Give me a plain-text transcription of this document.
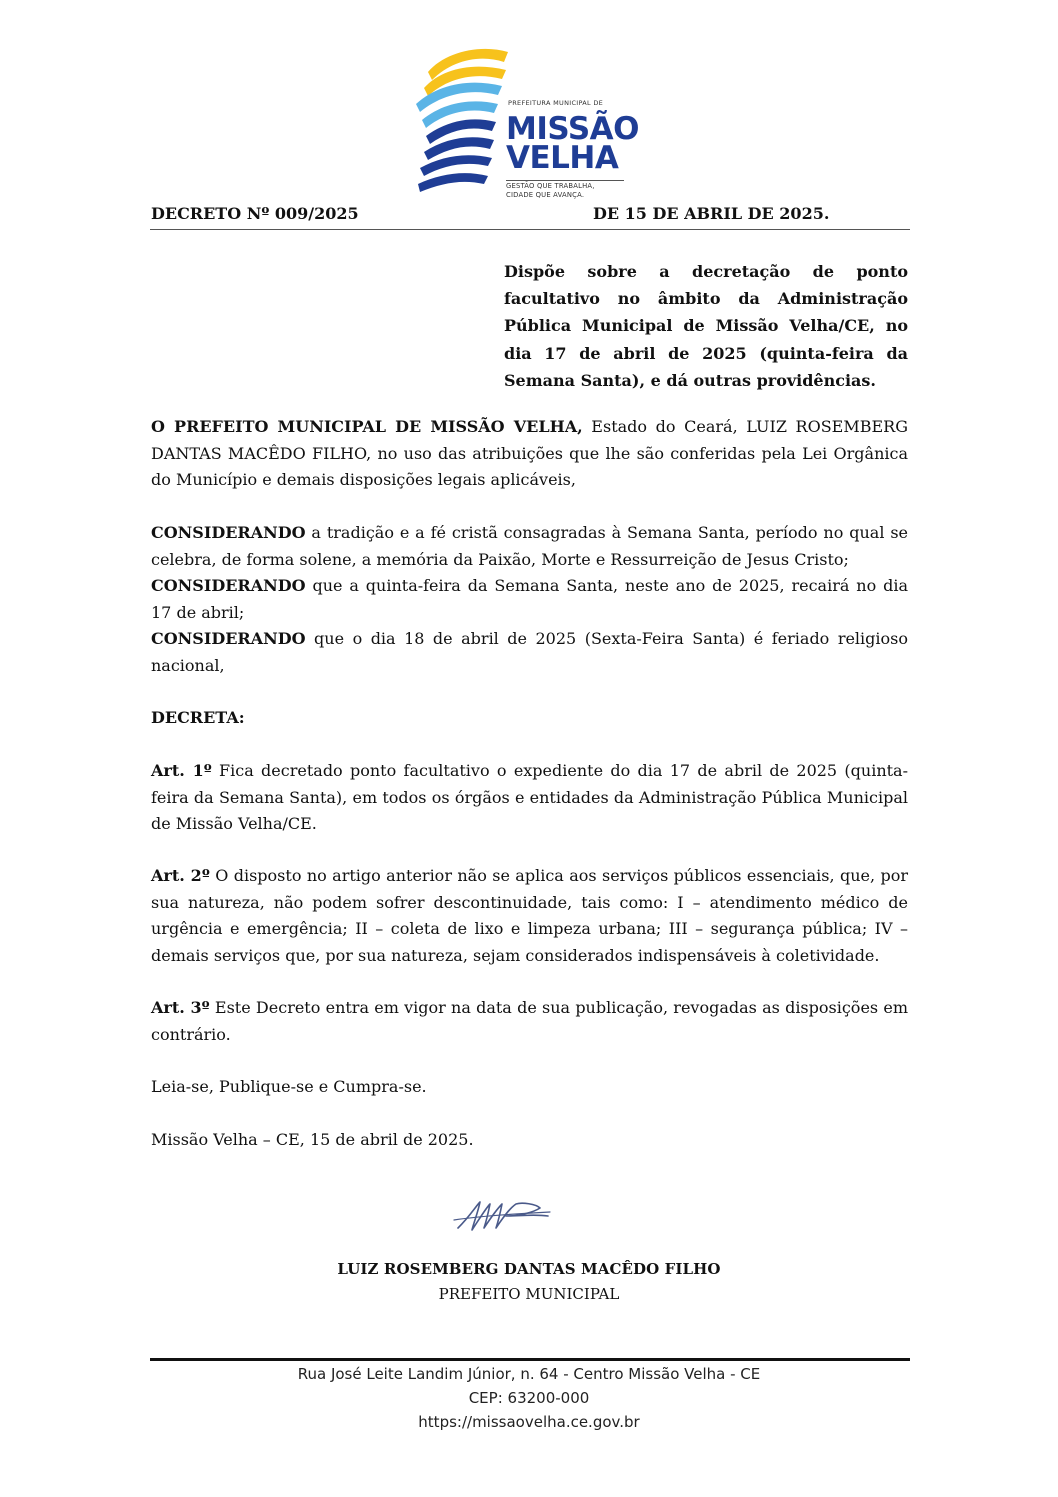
PREFEITURA MUNICIPAL DE
MISSÃO
VELHA
GESTÃO QUE TRABALHA,
CIDADE QUE AVANÇA.
DECRETO Nº 009/2025	DE 15 DE ABRIL DE 2025.

Dispõe sobre a decretação de ponto facultativo no âmbito da Administração Pública Municipal de Missão Velha/CE, no dia 17 de abril de 2025 (quinta-feira da Semana Santa), e dá outras providências.

O PREFEITO MUNICIPAL DE MISSÃO VELHA, Estado do Ceará, LUIZ ROSEMBERG DANTAS MACÊDO FILHO, no uso das atribuições que lhe são conferidas pela Lei Orgânica do Município e demais disposições legais aplicáveis,

CONSIDERANDO a tradição e a fé cristã consagradas à Semana Santa, período no qual se celebra, de forma solene, a memória da Paixão, Morte e Ressurreição de Jesus Cristo;

CONSIDERANDO que a quinta-feira da Semana Santa, neste ano de 2025, recairá no dia 17 de abril;

CONSIDERANDO que o dia 18 de abril de 2025 (Sexta-Feira Santa) é feriado religioso nacional,

DECRETA:

Art. 1º Fica decretado ponto facultativo o expediente do dia 17 de abril de 2025 (quinta-feira da Semana Santa), em todos os órgãos e entidades da Administração Pública Municipal de Missão Velha/CE.

Art. 2º O disposto no artigo anterior não se aplica aos serviços públicos essenciais, que, por sua natureza, não podem sofrer descontinuidade, tais como: I – atendimento médico de urgência e emergência; II – coleta de lixo e limpeza urbana; III – segurança pública; IV – demais serviços que, por sua natureza, sejam considerados indispensáveis à coletividade.

Art. 3º Este Decreto entra em vigor na data de sua publicação, revogadas as disposições em contrário.

Leia-se, Publique-se e Cumpra-se.

Missão Velha – CE, 15 de abril de 2025.

LUIZ ROSEMBERG DANTAS MACÊDO FILHO
PREFEITO MUNICIPAL
Rua José Leite Landim Júnior, n. 64 - Centro Missão Velha - CE
CEP: 63200-000
https://missaovelha.ce.gov.br
